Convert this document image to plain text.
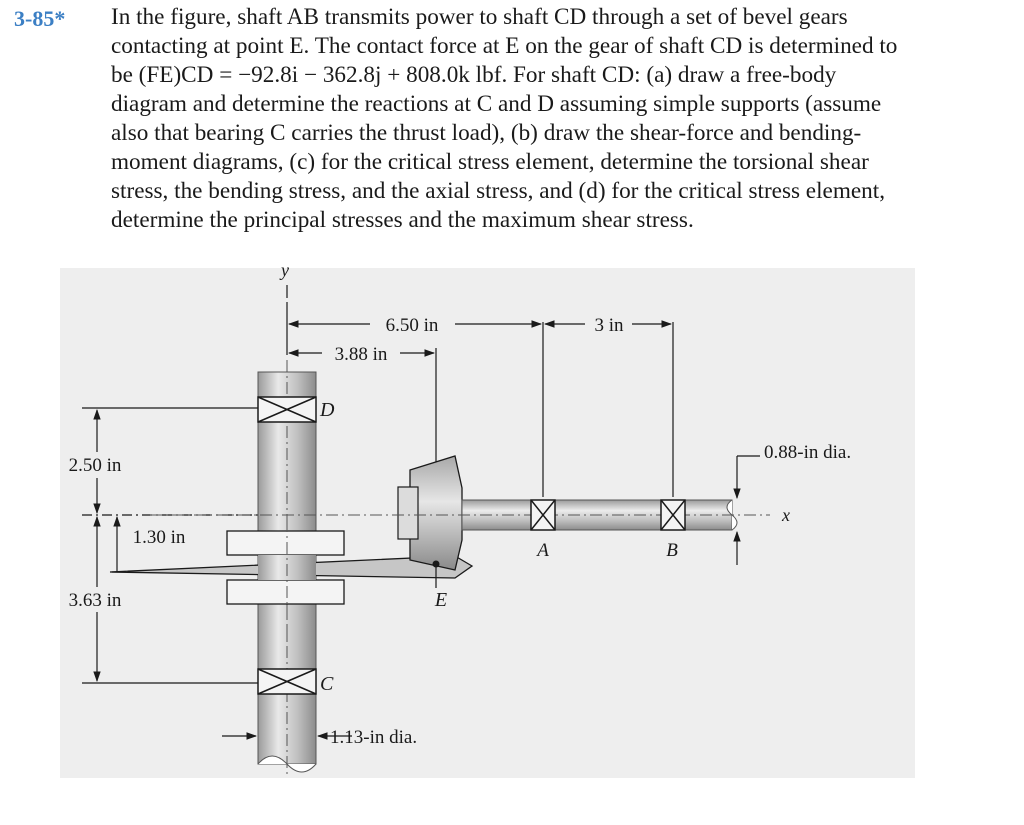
3-85* In the figure, shaft AB transmits power to shaft CD through a set of bevel gears
contacting at point E. The contact force at E on the gear of shaft CD is determined to
be (FE)CD = −92.8i − 362.8j + 808.0k lbf. For shaft CD: (a) draw a free-body
diagram and determine the reactions at C and D assuming simple supports (assume
also that bearing C carries the thrust load), (b) draw the shear-force and bending-
moment diagrams, (c) for the critical stress element, determine the torsional shear
stress, the bending stress, and the axial stress, and (d) for the critical stress element,
determine the principal stresses and the maximum shear stress.

6.50 in	3 in
3.88 in
y
2.50 in
3.63 in
1.30 in
D
C
E
A	B
0.88-in dia.
x
1.13-in dia.
